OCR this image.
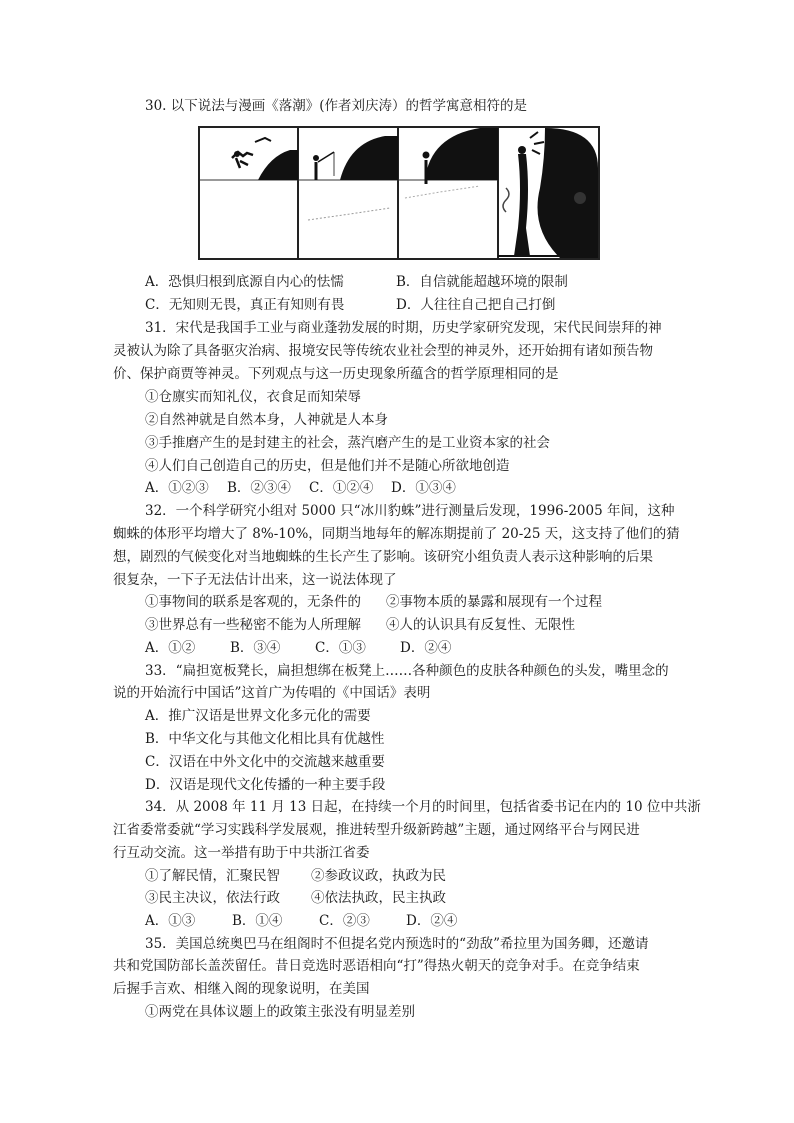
30. 以下说法与漫画《落潮》(作者刘庆涛）的哲学寓意相符的是
A．恐惧归根到底源自内心的怯懦	B．自信就能超越环境的限制
C．无知则无畏，真正有知则有畏	D．人往往自己把自己打倒
31．宋代是我国手工业与商业蓬勃发展的时期，历史学家研究发现，宋代民间崇拜的神
灵被认为除了具备驱灾治病、报境安民等传统农业社会型的神灵外，还开始拥有诸如预告物
价、保护商贾等神灵。下列观点与这一历史现象所蕴含的哲学原理相同的是
①仓廪实而知礼仪，衣食足而知荣辱
②自然神就是自然本身，人神就是人本身
③手推磨产生的是封建主的社会，蒸汽磨产生的是工业资本家的社会
④人们自己创造自己的历史，但是他们并不是随心所欲地创造
A．①②③ B．②③④ C．①②④ D．①③④
32．一个科学研究小组对 5000 只“冰川豹蛛”进行测量后发现，1996-2005 年间，这种
蜘蛛的体形平均增大了 8%-10%，同期当地每年的解冻期提前了 20-25 天，这支持了他们的猜
想，剧烈的气候变化对当地蜘蛛的生长产生了影响。该研究小组负责人表示这种影响的后果
很复杂，一下子无法估计出来，这一说法体现了
①事物间的联系是客观的，无条件的 ②事物本质的暴露和展现有一个过程
③世界总有一些秘密不能为人所理解 ④人的认识具有反复性、无限性
A．①②	B．③④	C．①③	D．②④
33．“扁担宽板凳长，扁担想绑在板凳上……各种颜色的皮肤各种颜色的头发，嘴里念的
说的开始流行中国话”这首广为传唱的《中国话》表明
A．推广汉语是世界文化多元化的需要
B．中华文化与其他文化相比具有优越性
C．汉语在中外文化中的交流越来越重要
D．汉语是现代文化传播的一种主要手段
34．从 2008 年 11 月 13 日起，在持续一个月的时间里，包括省委书记在内的 10 位中共浙
江省委常委就“学习实践科学发展观，推进转型升级新跨越”主题，通过网络平台与网民进
行互动交流。这一举措有助于中共浙江省委
①了解民情，汇聚民智 ②参政议政，执政为民
③民主决议，依法行政 ④依法执政，民主执政
A．①③	B．①④	C．②③	D．②④
35．美国总统奥巴马在组阁时不但提名党内预选时的“劲敌”希拉里为国务卿，还邀请
共和党国防部长盖茨留任。昔日竞选时恶语相向“打”得热火朝天的竞争对手。在竞争结束
后握手言欢、相继入阁的现象说明，在美国
①两党在具体议题上的政策主张没有明显差别
